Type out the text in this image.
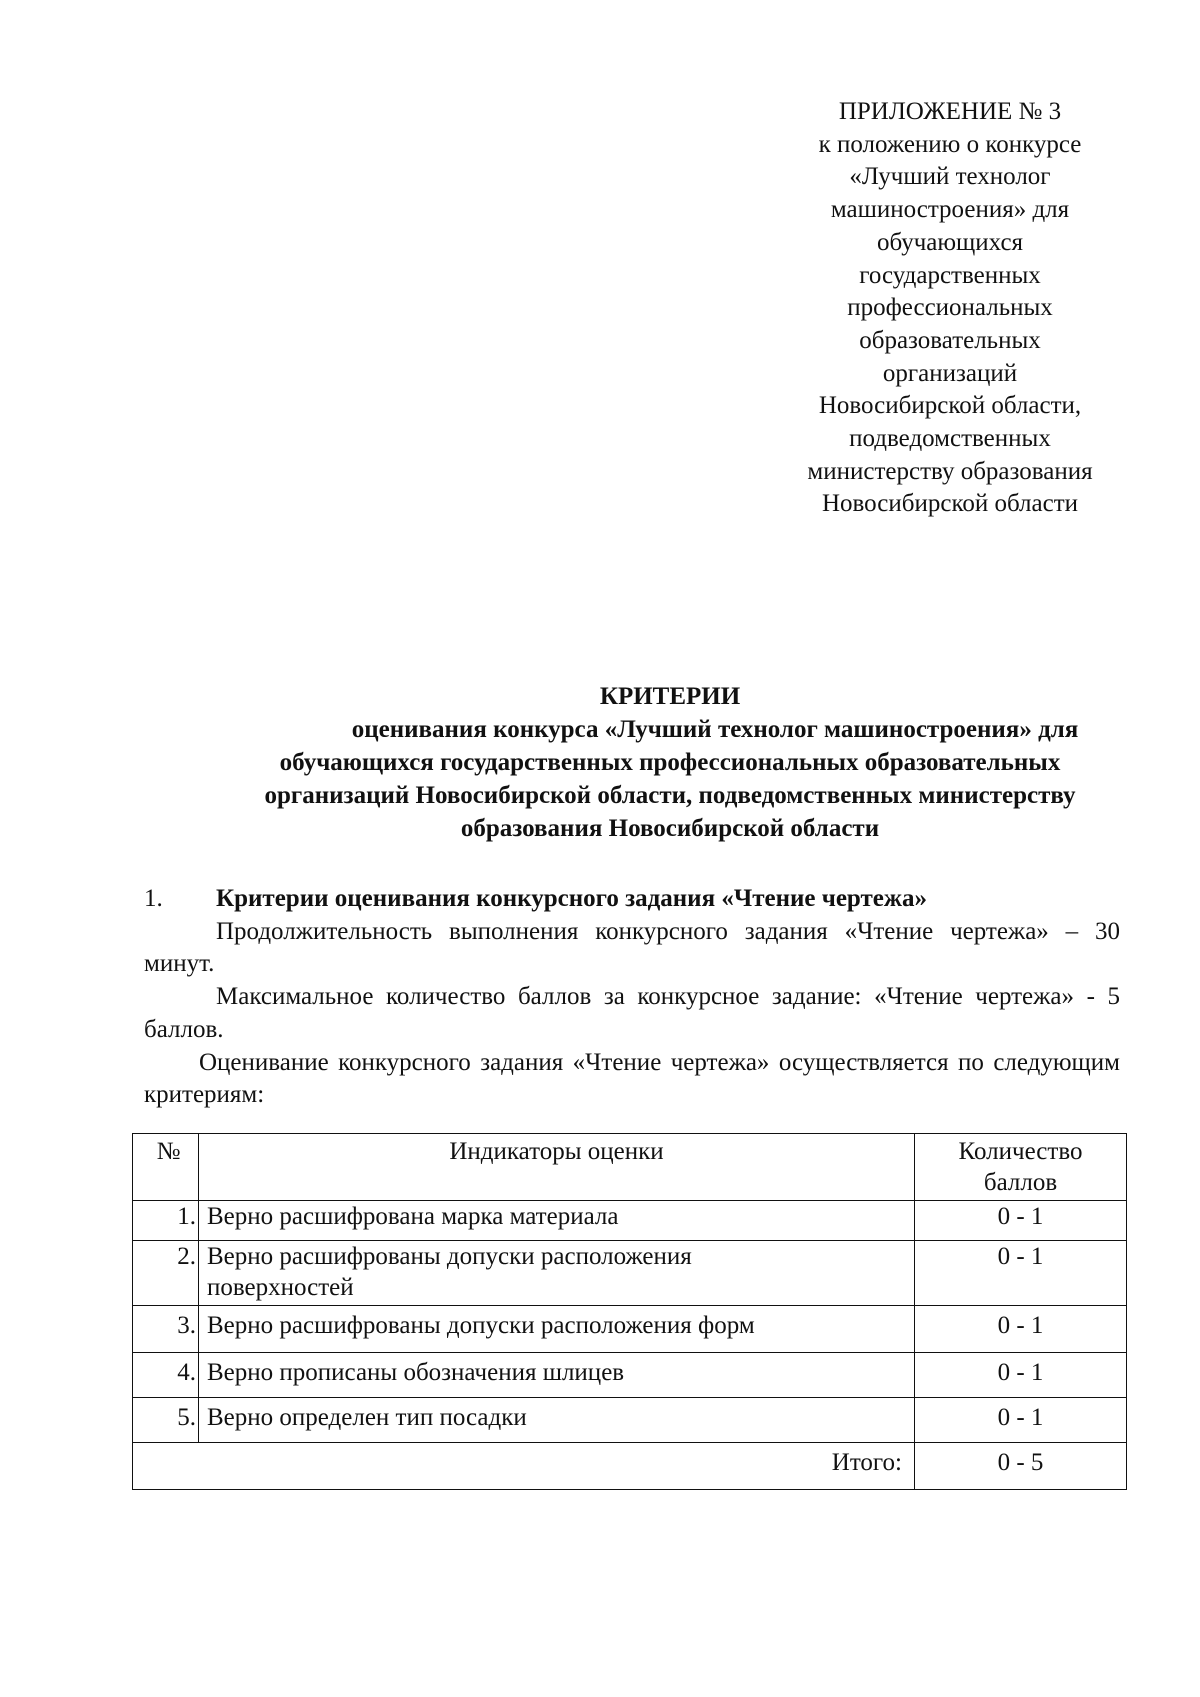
ПРИЛОЖЕНИЕ № 3
к положению о конкурсе
«Лучший технолог
машиностроения» для
обучающихся
государственных
профессиональных
образовательных
организаций
Новосибирской области,
подведомственных
министерству образования
Новосибирской области
КРИТЕРИИ
оценивания конкурса «Лучший технолог машиностроения» для
обучающихся государственных профессиональных образовательных
организаций Новосибирской области, подведомственных министерству
образования Новосибирской области
1. Критерии оценивания конкурсного задания «Чтение чертежа»
Продолжительность выполнения конкурсного задания «Чтение чертежа» – 30 минут.
Максимальное количество баллов за конкурсное задание: «Чтение чертежа» - 5 баллов.
Оценивание конкурсного задания «Чтение чертежа» осуществляется по следующим критериям:
№	Индикаторы оценки	Количество баллов
1.	Верно расшифрована марка материала	0 - 1
2.	Верно расшифрованы допуски расположения поверхностей	0 - 1
3.	Верно расшифрованы допуски расположения форм	0 - 1
4.	Верно прописаны обозначения шлицев	0 - 1
5.	Верно определен тип посадки	0 - 1
Итого:		0 - 5
